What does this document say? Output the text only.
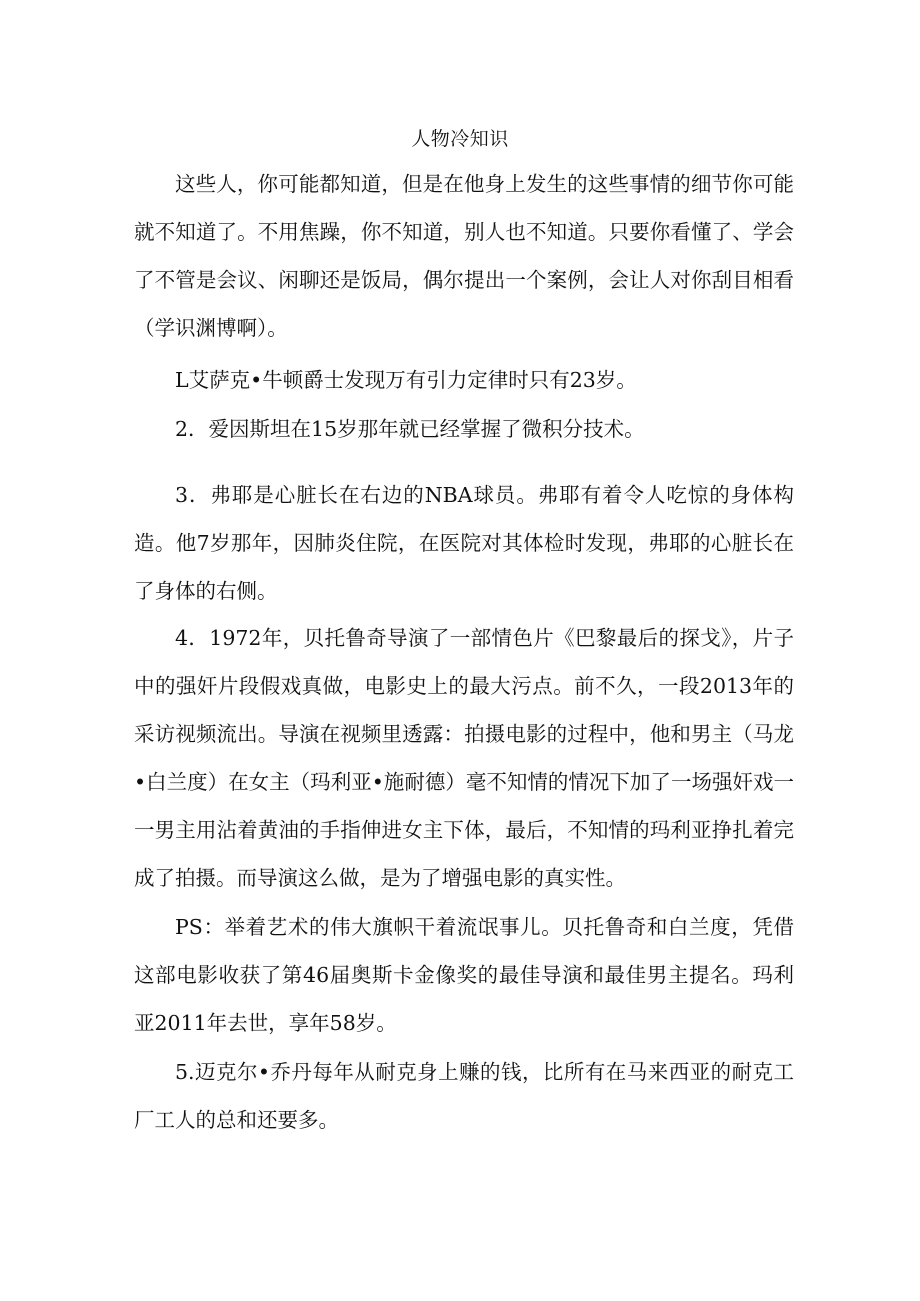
人物冷知识
这些人，你可能都知道，但是在他身上发生的这些事情的细节你可能就不知道了。不用焦躁，你不知道，别人也不知道。只要你看懂了、学会了不管是会议、闲聊还是饭局，偶尔提出一个案例，会让人对你刮目相看（学识渊博啊）。
L艾萨克•牛顿爵士发现万有引力定律时只有23岁。
2．爱因斯坦在15岁那年就已经掌握了微积分技术。
3．弗耶是心脏长在右边的NBA球员。弗耶有着令人吃惊的身体构造。他7岁那年，因肺炎住院，在医院对其体检时发现，弗耶的心脏长在了身体的右侧。
4．1972年，贝托鲁奇导演了一部情色片《巴黎最后的探戈》，片子中的强奸片段假戏真做，电影史上的最大污点。前不久，一段2013年的采访视频流出。导演在视频里透露：拍摄电影的过程中，他和男主（马龙•白兰度）在女主（玛利亚•施耐德）毫不知情的情况下加了一场强奸戏一一男主用沾着黄油的手指伸进女主下体，最后，不知情的玛利亚挣扎着完成了拍摄。而导演这么做，是为了增强电影的真实性。
PS：举着艺术的伟大旗帜干着流氓事儿。贝托鲁奇和白兰度，凭借这部电影收获了第46届奥斯卡金像奖的最佳导演和最佳男主提名。玛利亚2011年去世，享年58岁。
5.迈克尔•乔丹每年从耐克身上赚的钱，比所有在马来西亚的耐克工厂工人的总和还要多。
